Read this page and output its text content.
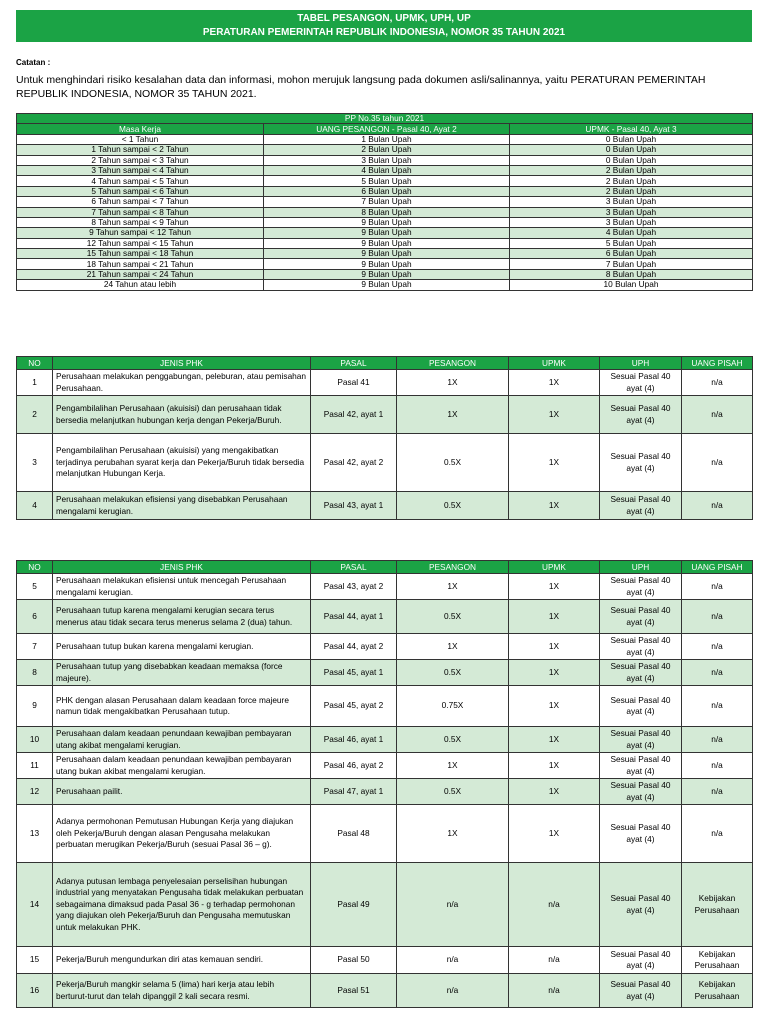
TABEL PESANGON, UPMK, UPH, UP
PERATURAN PEMERINTAH REPUBLIK INDONESIA, NOMOR 35 TAHUN 2021
Catatan :
Untuk menghindari risiko kesalahan data dan informasi, mohon merujuk langsung pada dokumen asli/salinannya, yaitu PERATURAN PEMERINTAH REPUBLIK INDONESIA, NOMOR 35 TAHUN 2021.
PP No.35 tahun 2021		
Masa Kerja	UANG PESANGON - Pasal 40, Ayat 2	UPMK - Pasal 40, Ayat 3
< 1 Tahun	1 Bulan Upah	0 Bulan Upah
1 Tahun sampai < 2 Tahun	2 Bulan Upah	0 Bulan Upah
2 Tahun sampai < 3 Tahun	3 Bulan Upah	0 Bulan Upah
3 Tahun sampai < 4 Tahun	4 Bulan Upah	2 Bulan Upah
4 Tahun sampai < 5 Tahun	5 Bulan Upah	2 Bulan Upah
5 Tahun sampai < 6 Tahun	6 Bulan Upah	2 Bulan Upah
6 Tahun sampai < 7 Tahun	7 Bulan Upah	3 Bulan Upah
7 Tahun sampai < 8 Tahun	8 Bulan Upah	3 Bulan Upah
8 Tahun sampai < 9 Tahun	9 Bulan Upah	3 Bulan Upah
9 Tahun sampai < 12 Tahun	9 Bulan Upah	4 Bulan Upah
12 Tahun sampai < 15 Tahun	9 Bulan Upah	5 Bulan Upah
15 Tahun sampai < 18 Tahun	9 Bulan Upah	6 Bulan Upah
18 Tahun sampai < 21 Tahun	9 Bulan Upah	7 Bulan Upah
21 Tahun sampai < 24 Tahun	9 Bulan Upah	8 Bulan Upah
24 Tahun atau lebih	9 Bulan Upah	10 Bulan Upah
NO	JENIS PHK	PASAL	PESANGON	UPMK	UPH	UANG PISAH
1	Perusahaan melakukan penggabungan, peleburan, atau pemisahan Perusahaan.	Pasal 41	1X	1X	Sesuai Pasal 40 ayat (4)	n/a
2	Pengambilalihan Perusahaan (akuisisi) dan perusahaan tidak bersedia melanjutkan hubungan kerja dengan Pekerja/Buruh.	Pasal 42, ayat 1	1X	1X	Sesuai Pasal 40 ayat (4)	n/a
3	Pengambilalihan Perusahaan (akuisisi) yang mengakibatkan terjadinya perubahan syarat kerja dan Pekerja/Buruh tidak bersedia melanjutkan Hubungan Kerja.	Pasal 42, ayat 2	0.5X	1X	Sesuai Pasal 40 ayat (4)	n/a
4	Perusahaan melakukan efisiensi yang disebabkan Perusahaan mengalami kerugian.	Pasal 43, ayat 1	0.5X	1X	Sesuai Pasal 40 ayat (4)	n/a
NO	JENIS PHK	PASAL	PESANGON	UPMK	UPH	UANG PISAH
5	Perusahaan melakukan efisiensi untuk mencegah Perusahaan mengalami kerugian.	Pasal 43, ayat 2	1X	1X	Sesuai Pasal 40 ayat (4)	n/a
6	Perusahaan tutup karena mengalami kerugian secara terus menerus atau tidak secara terus menerus selama 2 (dua) tahun.	Pasal 44, ayat 1	0.5X	1X	Sesuai Pasal 40 ayat (4)	n/a
7	Perusahaan tutup bukan karena mengalami kerugian.	Pasal 44, ayat 2	1X	1X	Sesuai Pasal 40 ayat (4)	n/a
8	Perusahaan tutup yang disebabkan keadaan memaksa (force majeure).	Pasal 45, ayat 1	0.5X	1X	Sesuai Pasal 40 ayat (4)	n/a
9	PHK dengan alasan Perusahaan dalam keadaan force majeure namun tidak mengakibatkan Perusahaan tutup.	Pasal 45, ayat 2	0.75X	1X	Sesuai Pasal 40 ayat (4)	n/a
10	Perusahaan dalam keadaan penundaan kewajiban pembayaran utang akibat mengalami kerugian.	Pasal 46, ayat 1	0.5X	1X	Sesuai Pasal 40 ayat (4)	n/a
11	Perusahaan dalam keadaan penundaan kewajiban pembayaran utang bukan akibat mengalami kerugian.	Pasal 46, ayat 2	1X	1X	Sesuai Pasal 40 ayat (4)	n/a
12	Perusahaan pailit.	Pasal 47, ayat 1	0.5X	1X	Sesuai Pasal 40 ayat (4)	n/a
13	Adanya permohonan Pemutusan Hubungan Kerja yang diajukan oleh Pekerja/Buruh dengan alasan Pengusaha melakukan perbuatan merugikan Pekerja/Buruh (sesuai Pasal 36 – g).	Pasal 48	1X	1X	Sesuai Pasal 40 ayat (4)	n/a
14	Adanya putusan lembaga penyelesaian perselisihan hubungan industrial yang menyatakan Pengusaha tidak melakukan perbuatan sebagaimana dimaksud pada Pasal 36 - g terhadap permohonan yang diajukan oleh Pekerja/Buruh dan Pengusaha memutuskan untuk melakukan PHK.	Pasal 49	n/a	n/a	Sesuai Pasal 40 ayat (4)	Kebijakan Perusahaan
15	Pekerja/Buruh mengundurkan diri atas kemauan sendiri.	Pasal 50	n/a	n/a	Sesuai Pasal 40 ayat (4)	Kebijakan Perusahaan
16	Pekerja/Buruh mangkir selama 5 (lima) hari kerja atau lebih berturut-turut dan telah dipanggil 2 kali secara resmi.	Pasal 51	n/a	n/a	Sesuai Pasal 40 ayat (4)	Kebijakan Perusahaan
